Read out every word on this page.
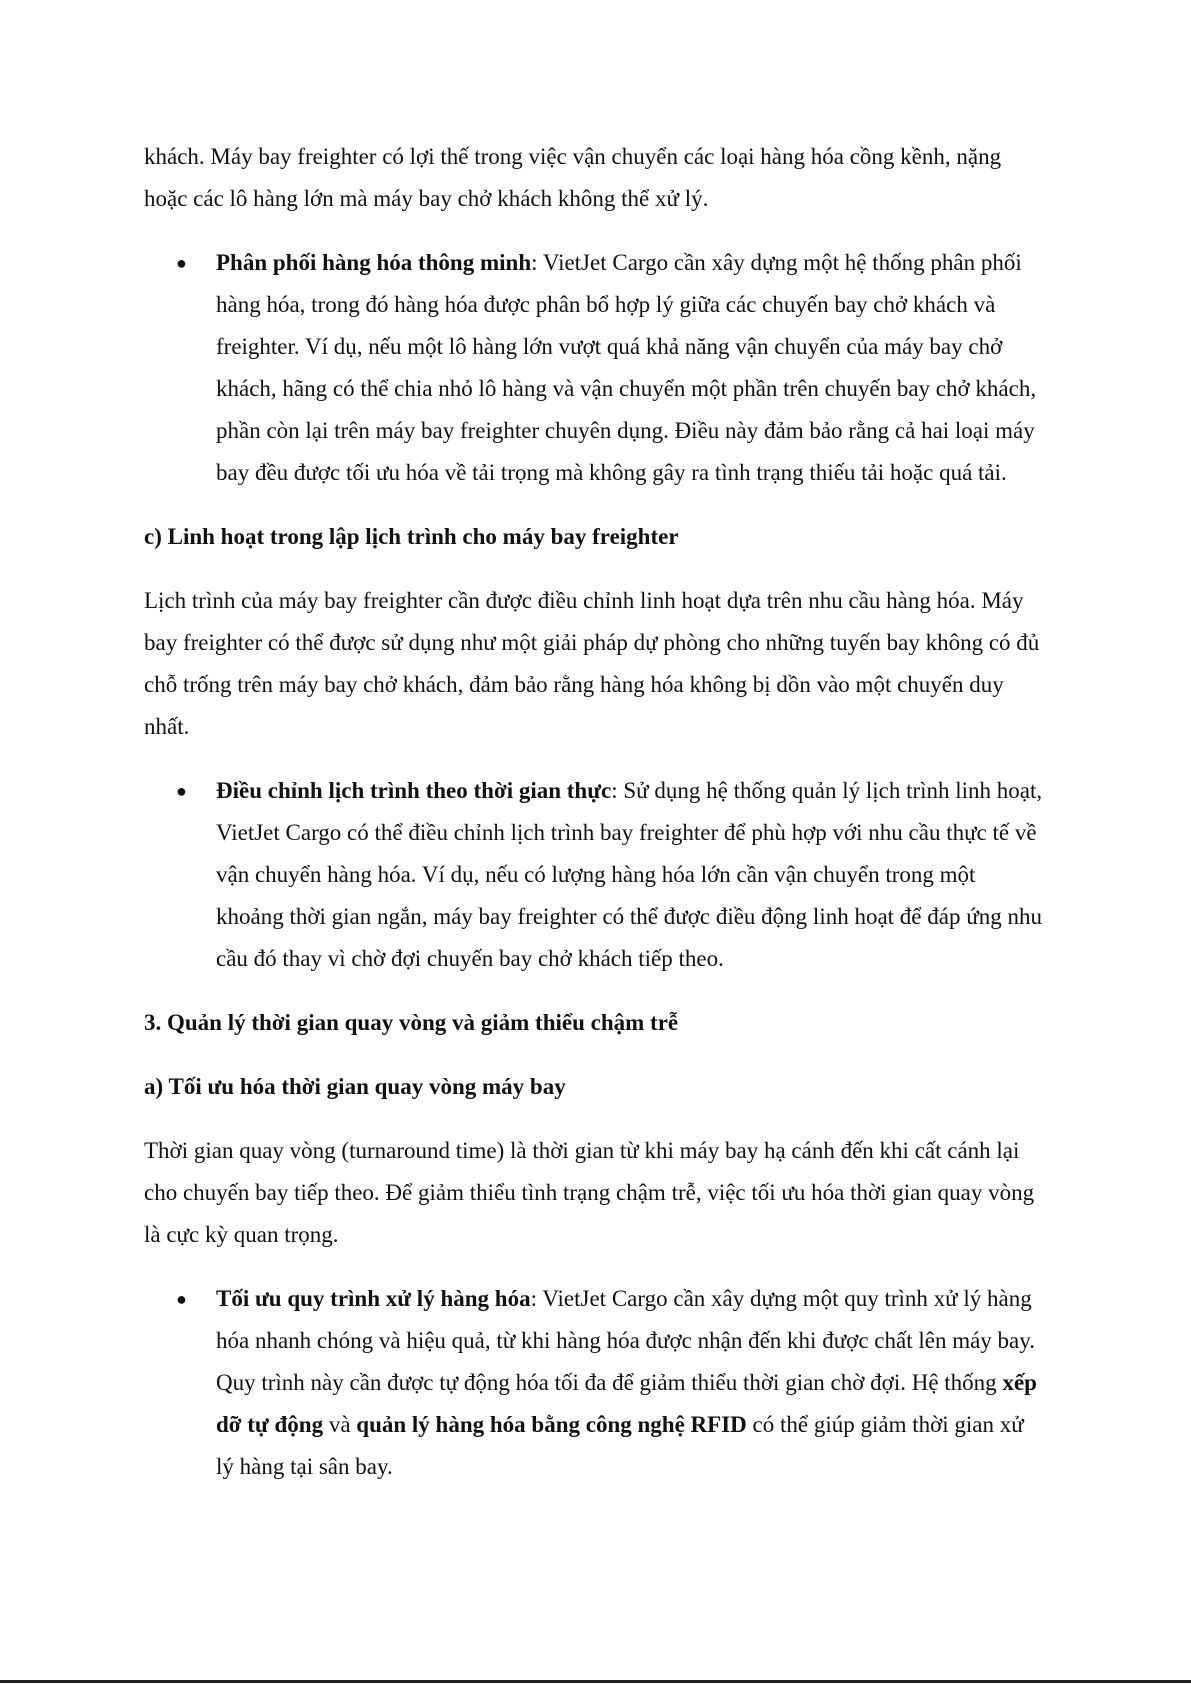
khách. Máy bay freighter có lợi thế trong việc vận chuyển các loại hàng hóa cồng kềnh, nặng hoặc các lô hàng lớn mà máy bay chở khách không thể xử lý.

● Phân phối hàng hóa thông minh: VietJet Cargo cần xây dựng một hệ thống phân phối hàng hóa, trong đó hàng hóa được phân bổ hợp lý giữa các chuyến bay chở khách và freighter. Ví dụ, nếu một lô hàng lớn vượt quá khả năng vận chuyển của máy bay chở khách, hãng có thể chia nhỏ lô hàng và vận chuyển một phần trên chuyến bay chở khách, phần còn lại trên máy bay freighter chuyên dụng. Điều này đảm bảo rằng cả hai loại máy bay đều được tối ưu hóa về tải trọng mà không gây ra tình trạng thiếu tải hoặc quá tải.

c) Linh hoạt trong lập lịch trình cho máy bay freighter

Lịch trình của máy bay freighter cần được điều chỉnh linh hoạt dựa trên nhu cầu hàng hóa. Máy bay freighter có thể được sử dụng như một giải pháp dự phòng cho những tuyến bay không có đủ chỗ trống trên máy bay chở khách, đảm bảo rằng hàng hóa không bị dồn vào một chuyến duy nhất.

● Điều chỉnh lịch trình theo thời gian thực: Sử dụng hệ thống quản lý lịch trình linh hoạt, VietJet Cargo có thể điều chỉnh lịch trình bay freighter để phù hợp với nhu cầu thực tế về vận chuyển hàng hóa. Ví dụ, nếu có lượng hàng hóa lớn cần vận chuyển trong một khoảng thời gian ngắn, máy bay freighter có thể được điều động linh hoạt để đáp ứng nhu cầu đó thay vì chờ đợi chuyến bay chở khách tiếp theo.

3. Quản lý thời gian quay vòng và giảm thiểu chậm trễ

a) Tối ưu hóa thời gian quay vòng máy bay

Thời gian quay vòng (turnaround time) là thời gian từ khi máy bay hạ cánh đến khi cất cánh lại cho chuyến bay tiếp theo. Để giảm thiểu tình trạng chậm trễ, việc tối ưu hóa thời gian quay vòng là cực kỳ quan trọng.

● Tối ưu quy trình xử lý hàng hóa: VietJet Cargo cần xây dựng một quy trình xử lý hàng hóa nhanh chóng và hiệu quả, từ khi hàng hóa được nhận đến khi được chất lên máy bay. Quy trình này cần được tự động hóa tối đa để giảm thiểu thời gian chờ đợi. Hệ thống xếp dỡ tự động và quản lý hàng hóa bằng công nghệ RFID có thể giúp giảm thời gian xử lý hàng tại sân bay.
